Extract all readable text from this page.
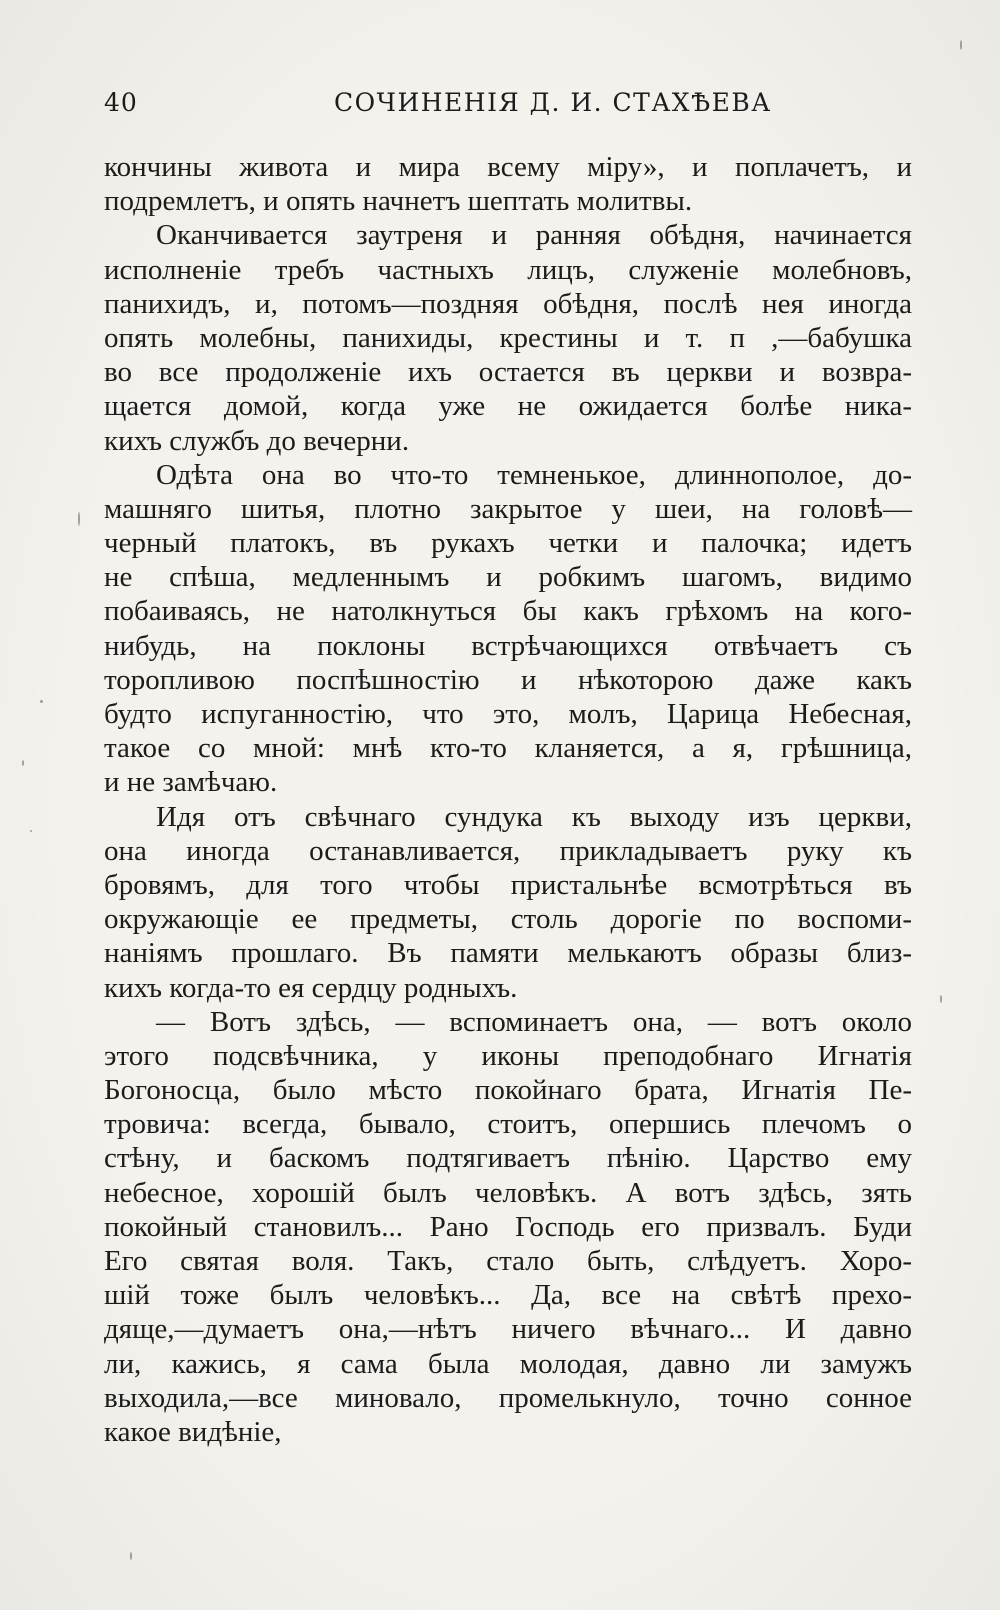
40	СОЧИНЕНІЯ Д. И. СТАХѢЕВА
кончины живота и мира всему міру», и поплачетъ, и
подремлетъ, и опять начнетъ шептать молитвы.
Оканчивается заутреня и ранняя обѣдня, начинается
исполненіе требъ частныхъ лицъ, служеніе молебновъ,
панихидъ, и, потомъ—поздняя обѣдня, послѣ нея иногда
опять молебны, панихиды, крестины и т. п ,—бабушка
во все продолженіе ихъ остается въ церкви и возвра-
щается домой, когда уже не ожидается болѣе ника-
кихъ службъ до вечерни.
Одѣта она во что-то темненькое, длиннополое, до-
машняго шитья, плотно закрытое у шеи, на головѣ—
черный платокъ, въ рукахъ четки и палочка; идетъ
не спѣша, медленнымъ и робкимъ шагомъ, видимо
побаиваясь, не натолкнуться бы какъ грѣхомъ на кого-
нибудь, на поклоны встрѣчающихся отвѣчаетъ съ
торопливою поспѣшностію и нѣкоторою даже какъ
будто испуганностію, что это, молъ, Царица Небесная,
такое со мной: мнѣ кто-то кланяется, а я, грѣшница,
и не замѣчаю.
Идя отъ свѣчнаго сундука къ выходу изъ церкви,
она иногда останавливается, прикладываетъ руку къ
бровямъ, для того чтобы пристальнѣе всмотрѣться въ
окружающіе ее предметы, столь дорогіе по воспоми-
наніямъ прошлаго. Въ памяти мелькаютъ образы близ-
кихъ когда-то ея сердцу родныхъ.
— Вотъ здѣсь, — вспоминаетъ она, — вотъ около
этого подсвѣчника, у иконы преподобнаго Игнатія
Богоносца, было мѣсто покойнаго брата, Игнатія Пе-
тровича: всегда, бывало, стоитъ, опершись плечомъ о
стѣну, и баскомъ подтягиваетъ пѣнію. Царство ему
небесное, хорошій былъ человѣкъ. А вотъ здѣсь, зять
покойный становилъ... Рано Господь его призвалъ. Буди
Его святая воля. Такъ, стало быть, слѣдуетъ. Хоро-
шій тоже былъ человѣкъ... Да, все на свѣтѣ прехо-
дяще,—думаетъ она,—нѣтъ ничего вѣчнаго... И давно
ли, кажись, я сама была молодая, давно ли замужъ
выходила,—все миновало, промелькнуло, точно сонное
какое видѣніе,
